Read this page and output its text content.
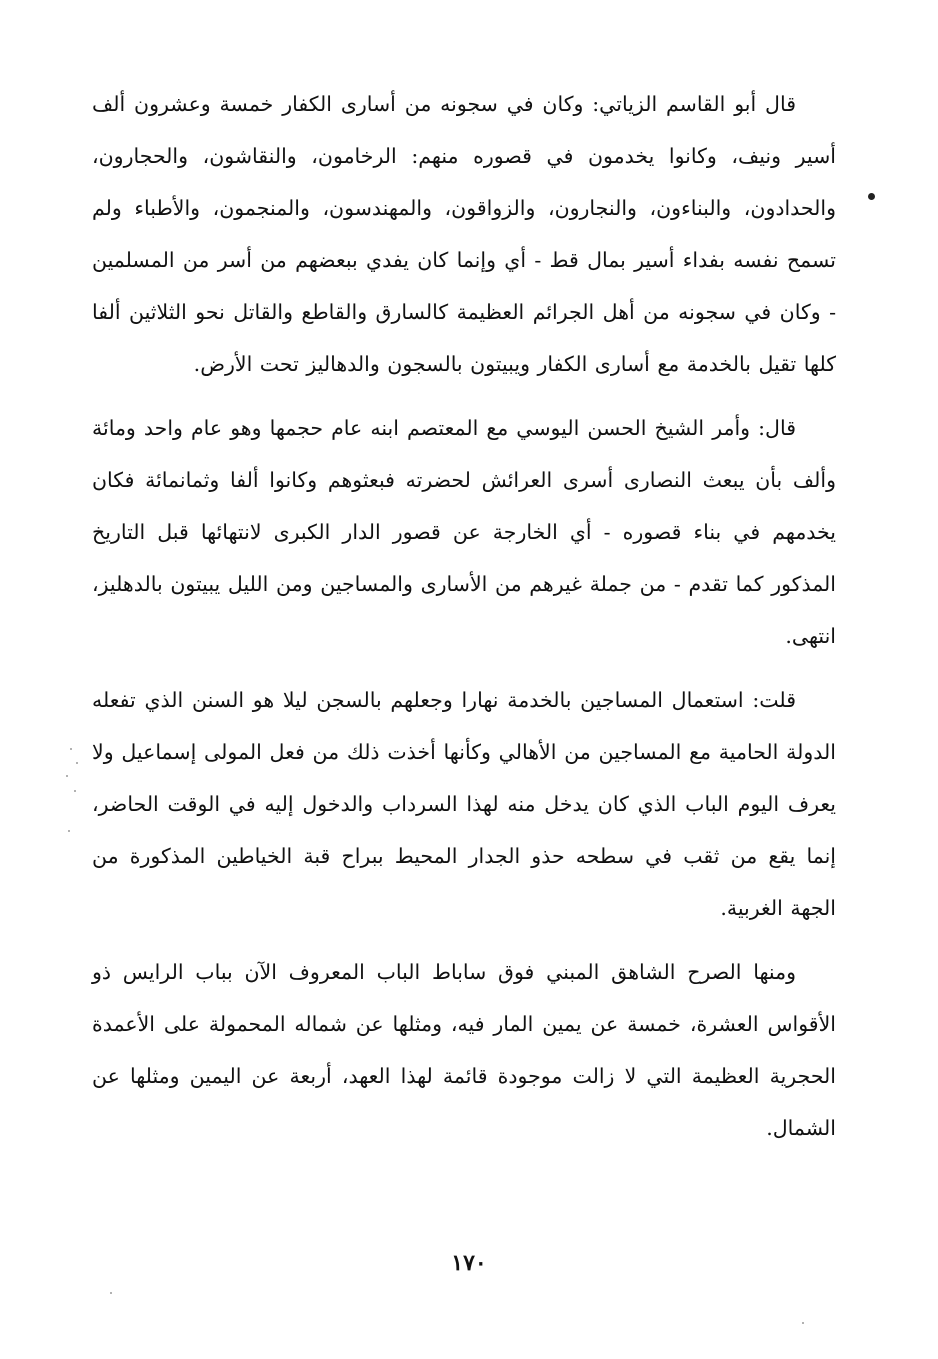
قال أبو القاسم الزياتي: وكان في سجونه من أسارى الكفار خمسة وعشرون ألف أسير ونيف، وكانوا يخدمون في قصوره منهم: الرخامون، والنقاشون، والحجارون، والحدادون، والبناءون، والنجارون، والزواقون، والمهندسون، والمنجمون، والأطباء ولم تسمح نفسه بفداء أسير بمال قط - أي وإنما كان يفدي ببعضهم من أسر من المسلمين - وكان في سجونه من أهل الجرائم العظيمة كالسارق والقاطع والقاتل نحو الثلاثين ألفا كلها تقيل بالخدمة مع أسارى الكفار ويبيتون بالسجون والدهاليز تحت الأرض.

قال: وأمر الشيخ الحسن اليوسي مع المعتصم ابنه عام حجمها وهو عام واحد ومائة وألف بأن يبعث النصارى أسرى العرائش لحضرته فبعثوهم وكانوا ألفا وثمانمائة فكان يخدمهم في بناء قصوره - أي الخارجة عن قصور الدار الكبرى لانتهائها قبل التاريخ المذكور كما تقدم - من جملة غيرهم من الأسارى والمساجين ومن الليل يبيتون بالدهليز، انتهى.

قلت: استعمال المساجين بالخدمة نهارا وجعلهم بالسجن ليلا هو السنن الذي تفعله الدولة الحامية مع المساجين من الأهالي وكأنها أخذت ذلك من فعل المولى إسماعيل ولا يعرف اليوم الباب الذي كان يدخل منه لهذا السرداب والدخول إليه في الوقت الحاضر، إنما يقع من ثقب في سطحه حذو الجدار المحيط ببراح قبة الخياطين المذكورة من الجهة الغربية.

ومنها الصرح الشاهق المبني فوق ساباط الباب المعروف الآن بباب الرايس ذو الأقواس العشرة، خمسة عن يمين المار فيه، ومثلها عن شماله المحمولة على الأعمدة الحجرية العظيمة التي لا زالت موجودة قائمة لهذا العهد، أربعة عن اليمين ومثلها عن الشمال.

١٧٠
